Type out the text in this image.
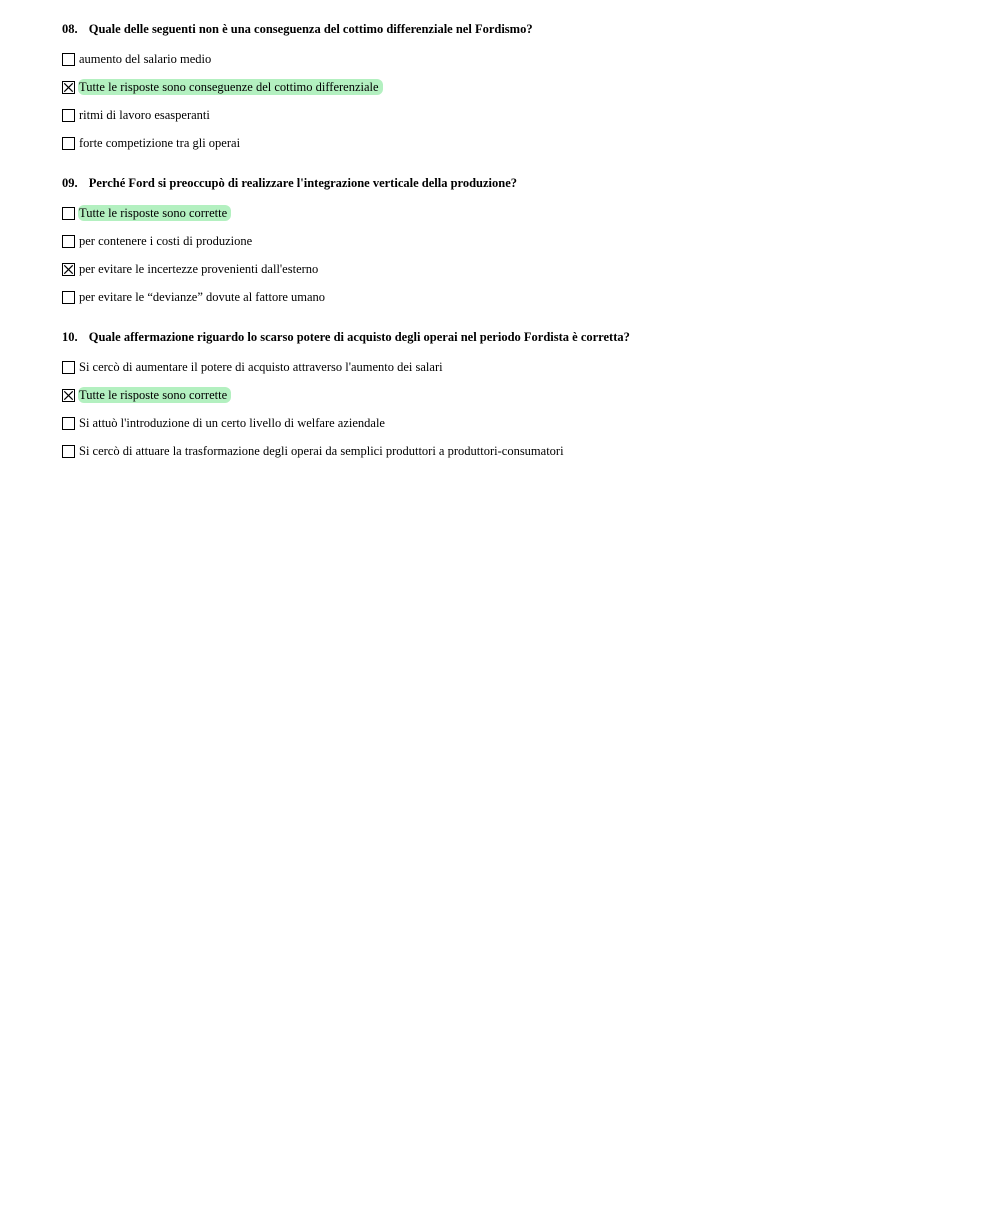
08. Quale delle seguenti non è una conseguenza del cottimo differenziale nel Fordismo?
aumento del salario medio
Tutte le risposte sono conseguenze del cottimo differenziale
ritmi di lavoro esasperanti
forte competizione tra gli operai
09. Perché Ford si preoccupò di realizzare l'integrazione verticale della produzione?
Tutte le risposte sono corrette
per contenere i costi di produzione
per evitare le incertezze provenienti dall'esterno
per evitare le “devianze” dovute al fattore umano
10. Quale affermazione riguardo lo scarso potere di acquisto degli operai nel periodo Fordista è corretta?
Si cercò di aumentare il potere di acquisto attraverso l'aumento dei salari
Tutte le risposte sono corrette
Si attuò l'introduzione di un certo livello di welfare aziendale
Si cercò di attuare la trasformazione degli operai da semplici produttori a produttori-consumatori
